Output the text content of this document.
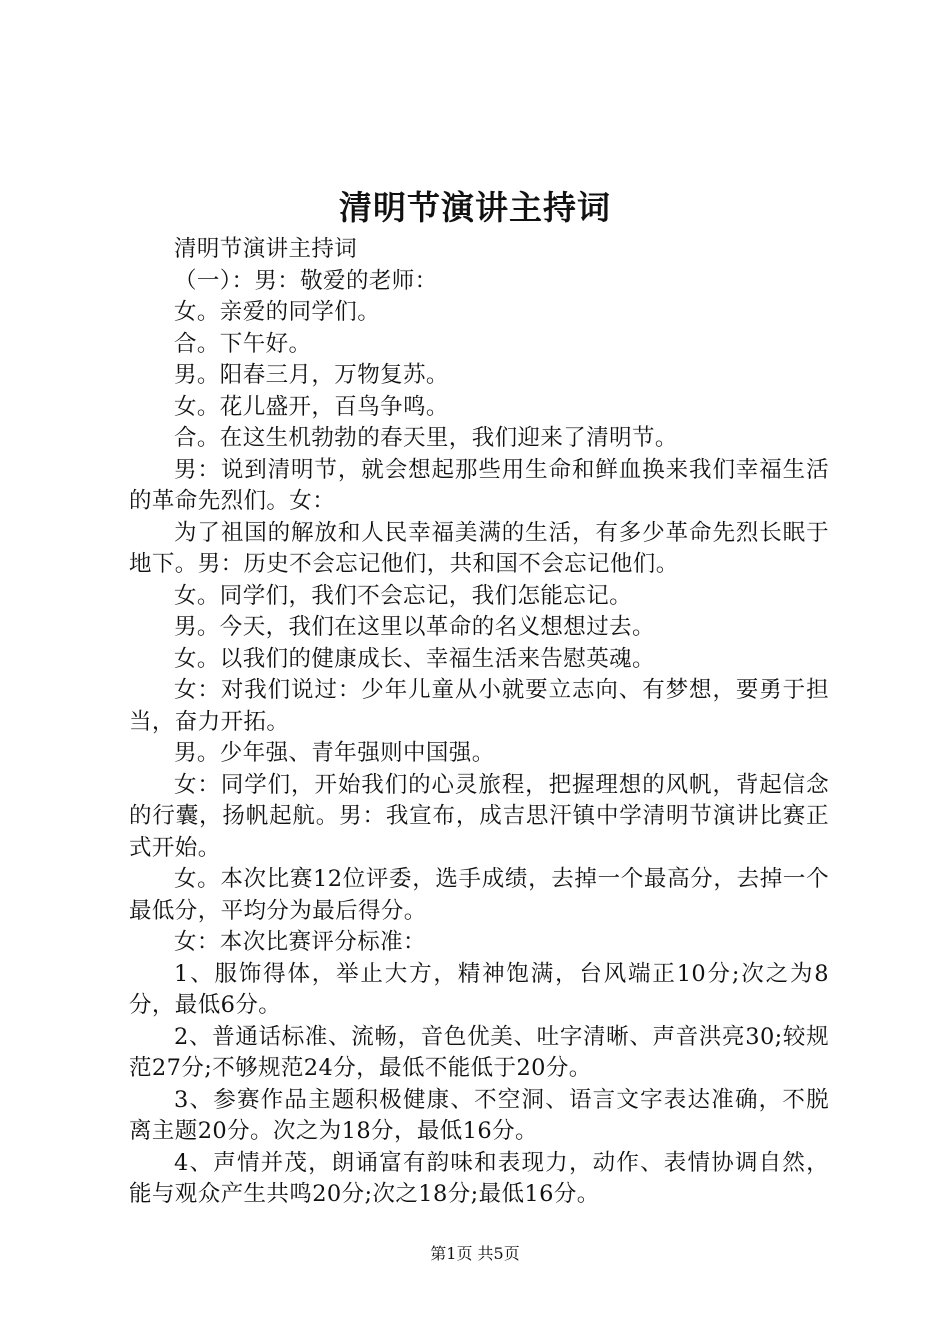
清明节演讲主持词

清明节演讲主持词

（一）：男：敬爱的老师：

女。亲爱的同学们。

合。下午好。

男。阳春三月，万物复苏。

女。花儿盛开，百鸟争鸣。

合。在这生机勃勃的春天里，我们迎来了清明节。

男：说到清明节，就会想起那些用生命和鲜血换来我们幸福生活的革命先烈们。女：

为了祖国的解放和人民幸福美满的生活，有多少革命先烈长眠于地下。男：历史不会忘记他们，共和国不会忘记他们。

女。同学们，我们不会忘记，我们怎能忘记。

男。今天，我们在这里以革命的名义想想过去。

女。以我们的健康成长、幸福生活来告慰英魂。

女：对我们说过：少年儿童从小就要立志向、有梦想，要勇于担当，奋力开拓。

男。少年强、青年强则中国强。

女：同学们，开始我们的心灵旅程，把握理想的风帆，背起信念的行囊，扬帆起航。男：我宣布，成吉思汗镇中学清明节演讲比赛正式开始。

女。本次比赛12位评委，选手成绩，去掉一个最高分，去掉一个最低分，平均分为最后得分。

女：本次比赛评分标准：

1、服饰得体，举止大方，精神饱满，台风端正10分;次之为8分，最低6分。

2、普通话标准、流畅，音色优美、吐字清晰、声音洪亮30;较规范27分;不够规范24分，最低不能低于20分。

3、参赛作品主题积极健康、不空洞、语言文字表达准确，不脱离主题20分。次之为18分，最低16分。

4、声情并茂，朗诵富有韵味和表现力，动作、表情协调自然，能与观众产生共鸣20分;次之18分;最低16分。

第1页 共5页
